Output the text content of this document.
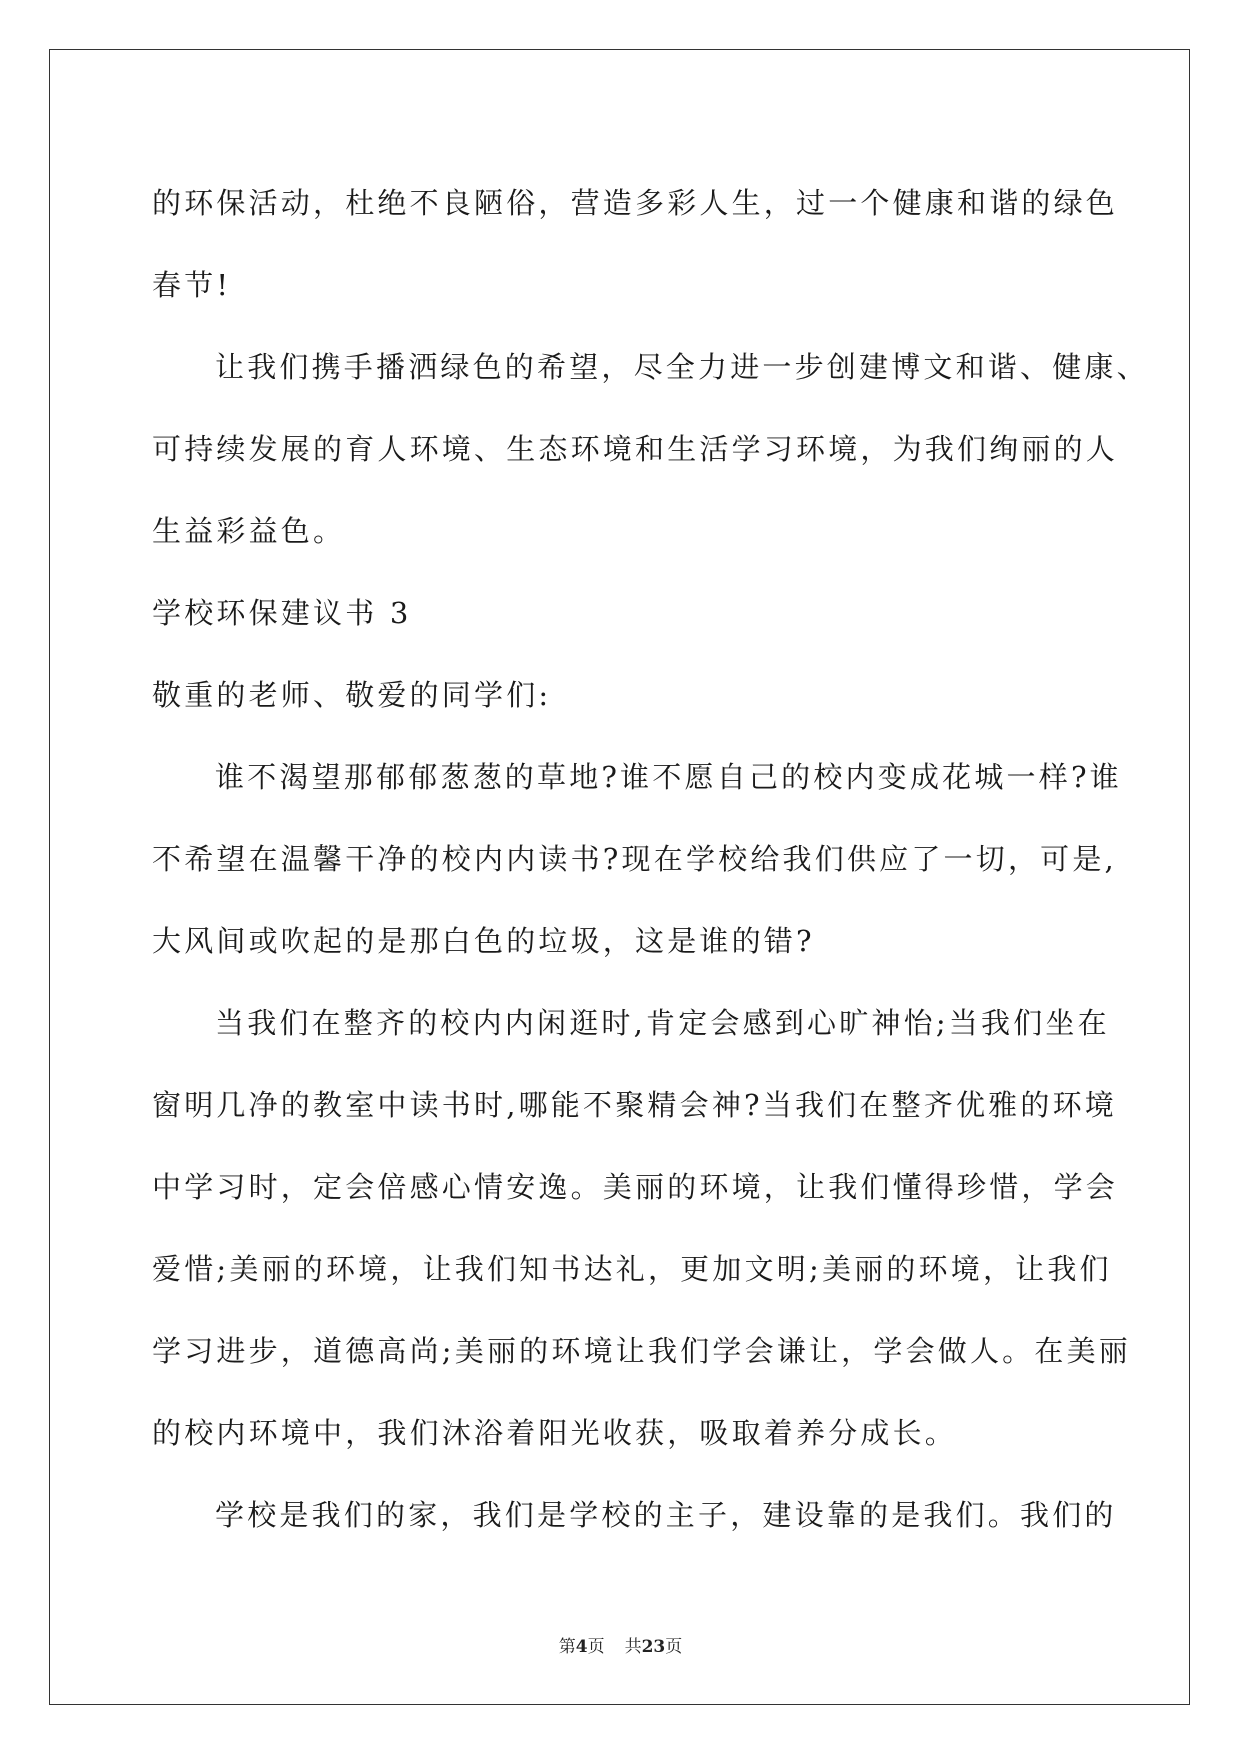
的环保活动，杜绝不良陋俗，营造多彩人生，过一个健康和谐的绿色
春节!
让我们携手播洒绿色的希望，尽全力进一步创建博文和谐、健康、
可持续发展的育人环境、生态环境和生活学习环境，为我们绚丽的人
生益彩益色。
学校环保建议书 3
敬重的老师、敬爱的同学们:
谁不渴望那郁郁葱葱的草地?谁不愿自己的校内变成花城一样?谁
不希望在温馨干净的校内内读书?现在学校给我们供应了一切，可是,
大风间或吹起的是那白色的垃圾，这是谁的错?
当我们在整齐的校内内闲逛时,肯定会感到心旷神怡;当我们坐在
窗明几净的教室中读书时,哪能不聚精会神?当我们在整齐优雅的环境
中学习时，定会倍感心情安逸。美丽的环境，让我们懂得珍惜，学会
爱惜;美丽的环境，让我们知书达礼，更加文明;美丽的环境，让我们
学习进步，道德高尚;美丽的环境让我们学会谦让，学会做人。在美丽
的校内环境中，我们沐浴着阳光收获，吸取着养分成长。
学校是我们的家，我们是学校的主子，建设靠的是我们。我们的
第4页 共23页
